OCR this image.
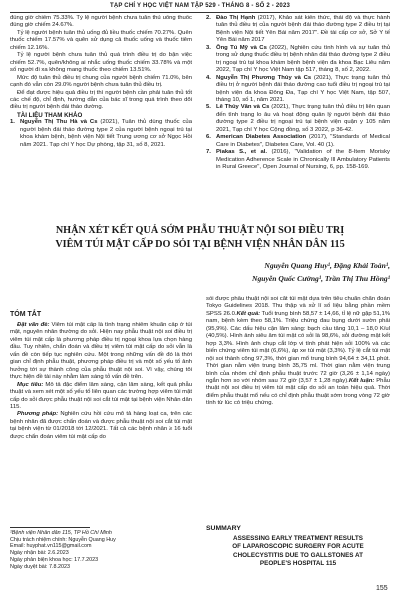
TẠP CHÍ Y HỌC VIỆT NAM TẬP 529 - THÁNG 8 - SỐ 2 - 2023

đúng giờ chiếm 75.33%. Tỷ lệ người bệnh chưa tuân thủ uống thuốc đúng giờ chiếm 24.67%.

Tỷ lệ người bệnh tuân thủ uống đủ liều thuốc chiếm 70.27%. Quên thuốc chiếm 17.57% và quên sử dụng cả thuốc uống và thuốc tiêm chiếm 12.16%.

Tỷ lệ người bệnh chưa tuân thủ quá trình điều trị do bận việc chiếm 52.7%, quên/không ai nhắc uống thuốc chiếm 33.78% và một số người đi xa không mang thuốc theo chiếm 13.51%.

Mức độ tuân thủ điều trị chung của người bệnh chiếm 71.0%, bên cạnh đó vẫn còn 29.0% người bệnh chưa tuân thủ điều trị.

Để đạt được hiệu quả điều trị thì người bệnh cần phải tuân thủ tốt các chế độ, chỉ định, hướng dẫn của bác sĩ trong quá trình theo dõi điều trị người bệnh đái tháo đường.

TÀI LIỆU THAM KHẢO

1. Nguyễn Thị Thu Hà và Cs (2021), Tuân thủ dùng thuốc của người bệnh đái tháo đường type 2 của người bệnh ngoại trú tại khoa khám bệnh, bệnh viện Nội tiết Trung ương cơ sở Ngọc Hồi năm 2021. Tạp chí Y học Dự phòng, tập 31, số 8, 2021.
2. Đào Thị Hạnh (2017), Khảo sát kiến thức, thái độ và thực hành tuân thủ điều trị của người bệnh đái tháo đường type 2 điều trị tại Bệnh viện Nội tiết Yên Bái năm 2017". Đề tài cấp cơ sở, Sở Y tế Yên Bái năm 2017
3. Ông Tú Mỹ và Cs (2022), Nghiên cứu tình hình và sự tuân thủ trong sử dụng thuốc điều trị bệnh nhân đái tháo đường type 2 điều trị ngoại trú tại khoa khám bệnh bệnh viện đa khoa Bạc Liêu năm 2022, Tạp chí Y học Việt Nam tập 517, tháng 8, số 2, 2022.
4. Nguyễn Thị Phương Thủy và Cs (2021), Thực trạng tuân thủ điều trị ở người bệnh đái tháo đường cao tuổi điều trị ngoại trú tại bệnh viện đa khoa Đông Đa, Tạp chí Y học Việt Nam, tập 507, tháng 10, số 1, năm 2021.
5. Lê Thủy Vân và Cs (2021), Thực trạng tuân thủ điều trị liên quan đến tình trạng lo âu và hoạt động quản lý người bệnh đái tháo đường type 2 điều trị ngoại trú tại bệnh viện quận y 105 năm 2021, Tạp chí Y học Cộng đồng, số 3 2022, p 36-42.
6. American Diabetes Association (2017), "Standards of Medical Care in Diabetes", Diabetes Care, Vol. 40 (1).
7. Piakas S., et al. (2016), "Validation of the 8-Item Morisky Medication Adherence Scale in Chronically Ill Ambulatory Patients in Rural Greece", Open Journal of Nursing, 6, pp. 158-169.
NHẬN XÉT KẾT QUẢ SỚM PHẪU THUẬT NỘI SOI ĐIỀU TRỊ
VIÊM TÚI MẬT CẤP DO SỎI TẠI BỆNH VIỆN NHÂN DÂN 115
Nguyễn Quang Huy¹, Đặng Khải Toàn¹,
Nguyễn Quốc Cường¹, Trần Thị Thu Hồng¹
TÓM TẮT

Đặt vấn đề: Viêm túi mật cấp là tình trạng nhiễm khuẩn cấp ở túi mật, nguyên nhân thường do sỏi. Hiện nay phẫu thuật nội soi điều trị viêm túi mật cấp là phương pháp điều trị ngoại khoa lựa chọn hàng đầu. Tuy nhiên, chẩn đoán và điều trị viêm túi mật cấp do sỏi vẫn là vấn đề còn tiếp tục nghiên cứu. Một trong những vấn đề đó là thời gian chỉ định phẫu thuật, phương pháp điều trị và một số yếu tố ảnh hưởng tới sự thành công của phẫu thuật nội soi. Vì vậy, chúng tôi thực hiện đề tài này nhằm làm sáng tỏ vấn đề trên.

Mục tiêu: Mô tả đặc điểm lâm sàng, cận lâm sàng, kết quả phẫu thuật và xem xét một số yếu tố liên quan các trường hợp viêm túi mật cấp do sỏi được phẫu thuật nội soi cắt túi mật tại bệnh viện Nhân dân 115.

Phương pháp: Nghiên cứu hồi cứu mô tả hàng loạt ca, trên các bệnh nhân đã được chẩn đoán và được phẫu thuật nội soi cắt túi mật tại bệnh viện từ 01/2018 tới 12/2021. Tất cả các bệnh nhân ≥ 16 tuổi được chẩn đoán viêm túi mật cấp do

sỏi được phẫu thuật nội soi cắt túi mật dựa trên tiêu chuẩn chẩn đoán Tokyo Guidelines 2018. Thu thập và xử lí số liệu bằng phần mềm SPSS 26.0.Kết quả: Tuổi trung bình 58,57 ± 14,66, tỉ lệ nữ gặp 51,1% nam, bệnh kèm theo 58,1%. Triệu chứng đau bụng dưới sườn phải (95,9%). Các dấu hiệu cận lâm sàng: bạch cầu tăng 10,1 – 18,0 K/ul (40,5%). Hình ảnh siêu âm túi mật có sỏi là 98,6%, sỏi đường mật kết hợp 3,3%. Hình ảnh chụp cắt lớp vi tính phát hiện sỏi 100% và các biến chứng viêm túi mật (6,6%), áp xe túi mật (3,3%). Tỷ lệ cắt túi mật nội soi thành công 97,3%, thời gian mổ trung bình 94,64 ± 34,11 phút. Thời gian nằm viện trung bình 35,75 ml. Thời gian nằm viện trung bình của nhóm chỉ định phẫu thuật trước 72 giờ (3,26 ± 1,14 ngày) ngắn hơn so với nhóm sau 72 giờ (3,57 ± 1,28 ngày).Kết luận: Phẫu thuật nội soi điều trị viêm túi mật cấp do sỏi an toàn hiệu quả. Thời điểm phẫu thuật mổ nếu có chỉ định phẫu thuật sớm trong vòng 72 giờ tính từ lúc có triệu chứng.

¹Bệnh viện Nhân dân 115, TP Hồ Chí Minh
Chịu trách nhiệm chính: Nguyễn Quang Huy
Email: huyphat.vn115@gmail.com
Ngày nhận bài: 2.6.2023
Ngày phản biện khoa học: 17.7.2023
Ngày duyệt bài: 7.8.2023
SUMMARY
ASSESSING EARLY TREATMENT RESULTS
OF LAPAROSCOPIC SURGERY FOR ACUTE
CHOLECYSTITIS DUE TO GALLSTONES AT
PEOPLE'S HOSPITAL 115
155
